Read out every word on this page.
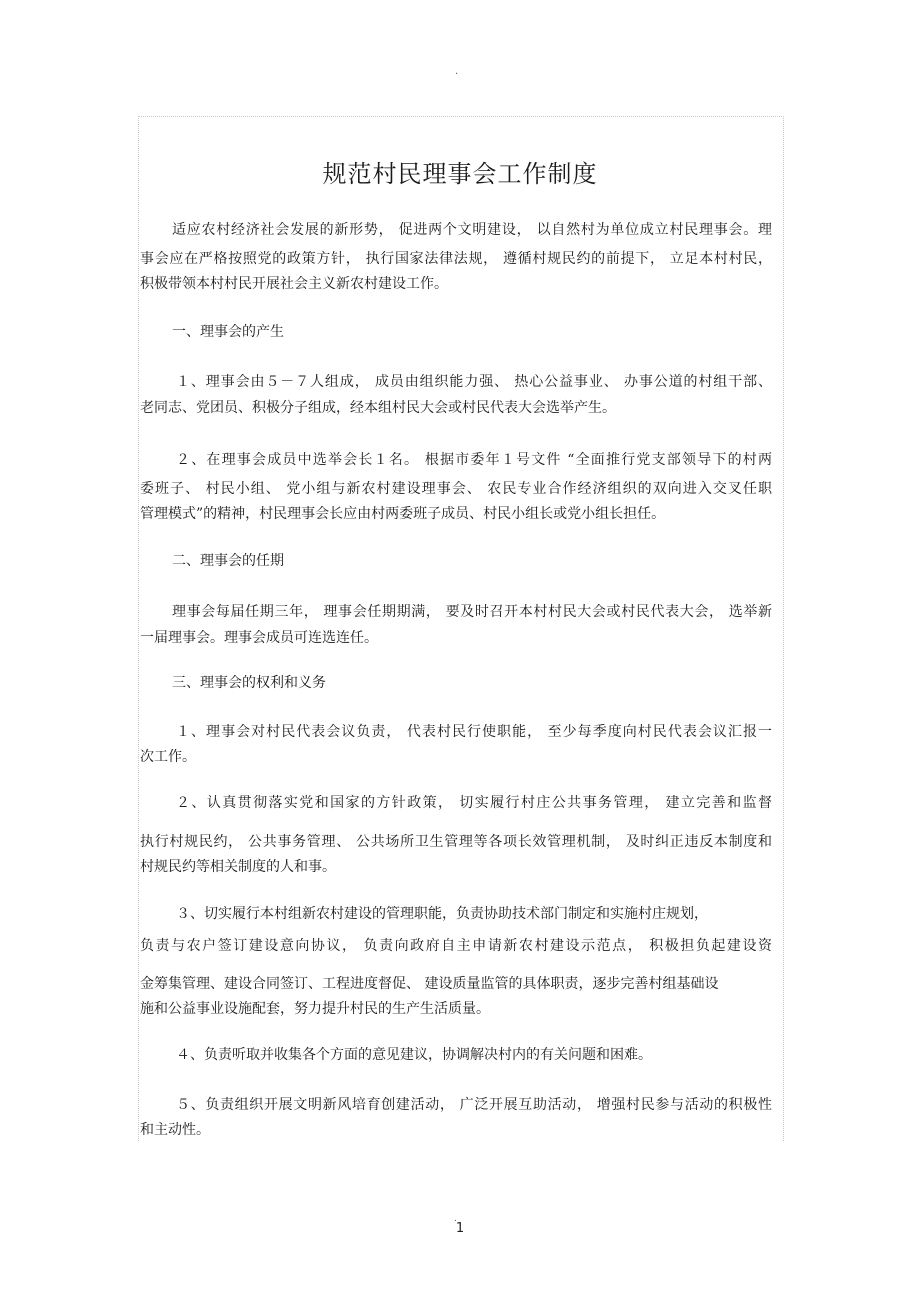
.
规范村民理事会工作制度
适应农村经济社会发展的新形势， 促进两个文明建设， 以自然村为单位成立村民理事会。理
事会应在严格按照党的政策方针， 执行国家法律法规， 遵循村规民约的前提下， 立足本村村民，
积极带领本村村民开展社会主义新农村建设工作。
一、理事会的产生
１、理事会由５－７人组成， 成员由组织能力强、 热心公益事业、 办事公道的村组干部、
老同志、党团员、积极分子组成，经本组村民大会或村民代表大会选举产生。
２、在理事会成员中选举会长１名。 根据市委年１号文件 “全面推行党支部领导下的村两
委班子、 村民小组、 党小组与新农村建设理事会、 农民专业合作经济组织的双向进入交叉任职
管理模式”的精神，村民理事会长应由村两委班子成员、村民小组长或党小组长担任。
二、理事会的任期
理事会每届任期三年， 理事会任期期满， 要及时召开本村村民大会或村民代表大会， 选举新
一届理事会。理事会成员可连选连任。
三、理事会的权利和义务
１、理事会对村民代表会议负责， 代表村民行使职能， 至少每季度向村民代表会议汇报一
次工作。
２、认真贯彻落实党和国家的方针政策， 切实履行村庄公共事务管理， 建立完善和监督
执行村规民约， 公共事务管理、 公共场所卫生管理等各项长效管理机制， 及时纠正违反本制度和
村规民约等相关制度的人和事。
３、切实履行本村组新农村建设的管理职能，负责协助技术部门制定和实施村庄规划，
负责与农户签订建设意向协议， 负责向政府自主申请新农村建设示范点， 积极担负起建设资
金筹集管理、建设合同签订、工程进度督促、 建设质量监管的具体职责，逐步完善村组基础设
施和公益事业设施配套，努力提升村民的生产生活质量。
４、负责听取并收集各个方面的意见建议，协调解决村内的有关问题和困难。
５、负责组织开展文明新风培育创建活动， 广泛开展互助活动， 增强村民参与活动的积极性
和主动性。
.
1
